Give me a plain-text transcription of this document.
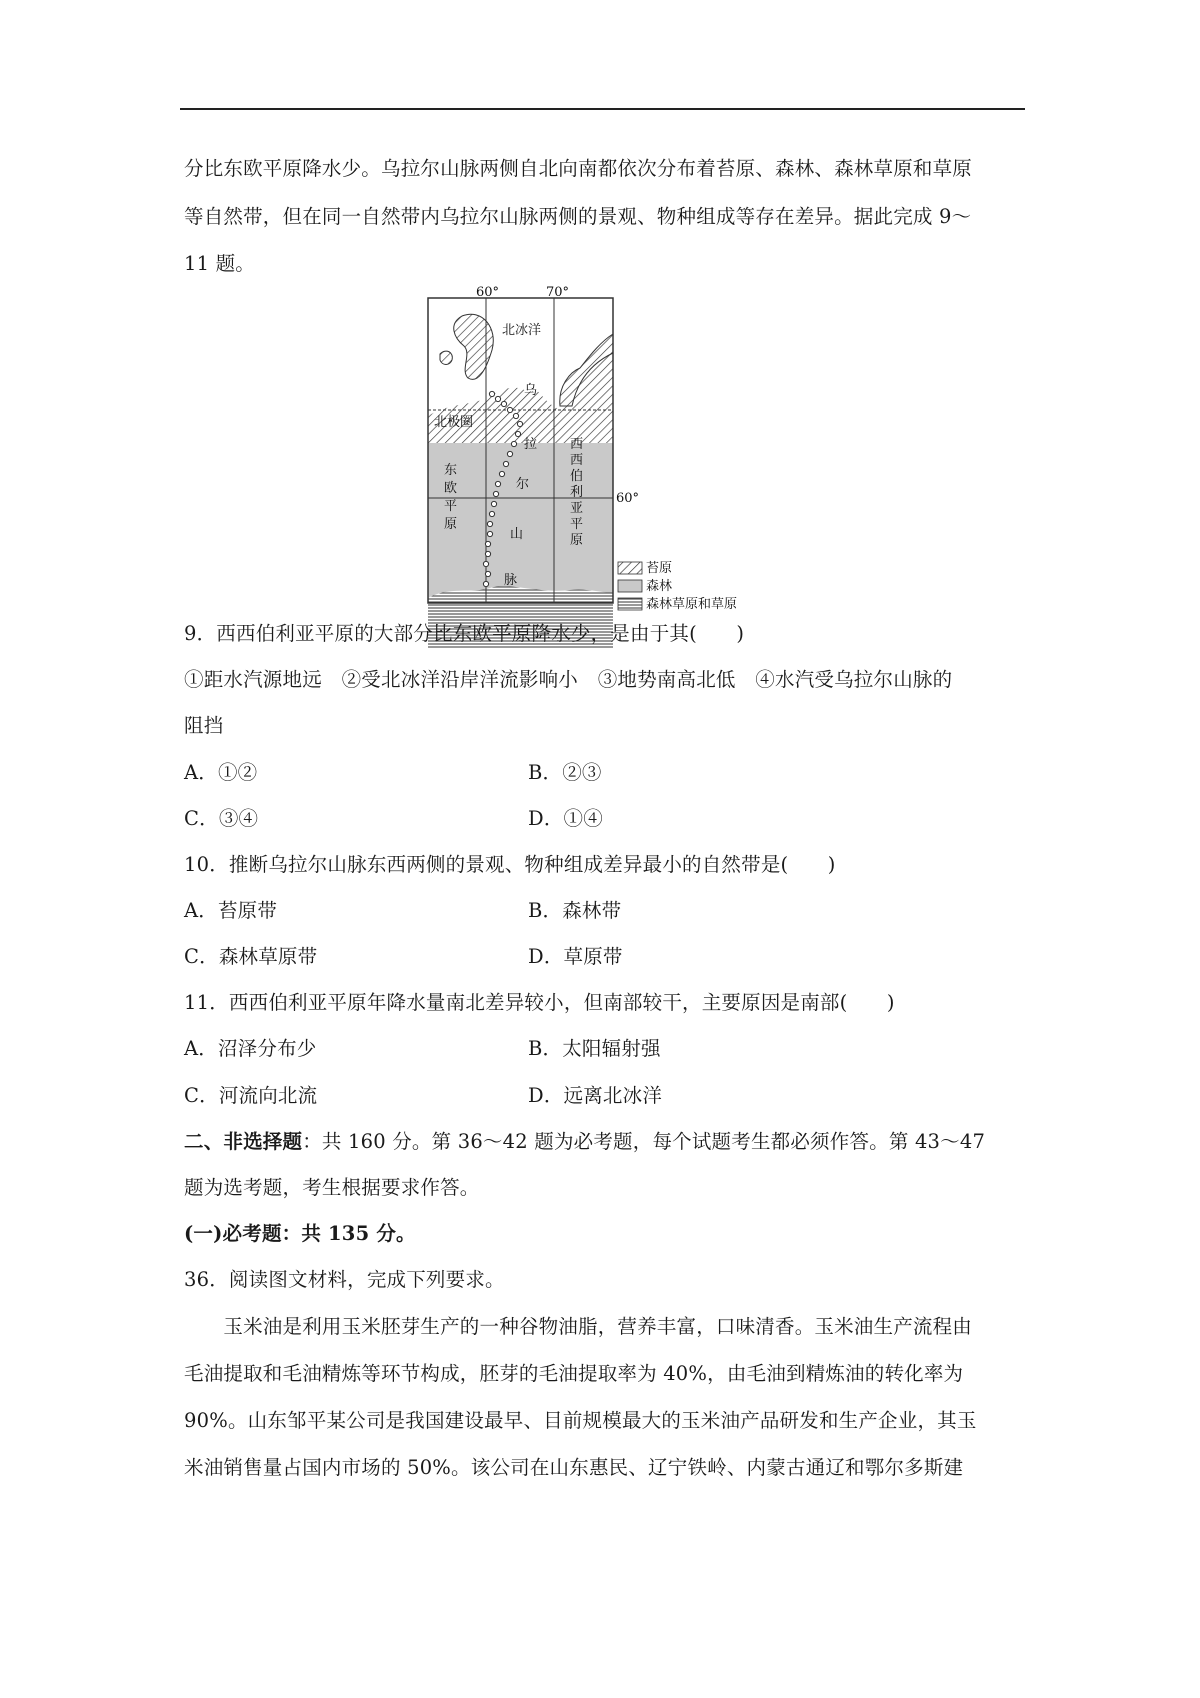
分比东欧平原降水少。乌拉尔山脉两侧自北向南都依次分布着苔原、森林、森林草原和草原
等自然带，但在同一自然带内乌拉尔山脉两侧的景观、物种组成等存在差异。据此完成 9～
11 题。
60°	70°
60°
北冰洋
北极圈
乌
拉
尔
山
脉
东
欧
平
原
西
西
伯
利
亚
平
原
苔原
森林
森林草原和草原
9．西西伯利亚平原的大部分比东欧平原降水少，是由于其(　　)
①距水汽源地远　②受北冰洋沿岸洋流影响小　③地势南高北低　④水汽受乌拉尔山脉的
阻挡
A．①②	B．②③
C．③④	D．①④
10．推断乌拉尔山脉东西两侧的景观、物种组成差异最小的自然带是(　　)
A．苔原带	B．森林带
C．森林草原带	D．草原带
11．西西伯利亚平原年降水量南北差异较小，但南部较干，主要原因是南部(　　)
A．沼泽分布少	B．太阳辐射强
C．河流向北流	D．远离北冰洋
二、非选择题：共 160 分。第 36～42 题为必考题，每个试题考生都必须作答。第 43～47
题为选考题，考生根据要求作答。
(一)必考题：共 135 分。
36．阅读图文材料，完成下列要求。
　　玉米油是利用玉米胚芽生产的一种谷物油脂，营养丰富，口味清香。玉米油生产流程由
毛油提取和毛油精炼等环节构成，胚芽的毛油提取率为 40%，由毛油到精炼油的转化率为
90%。山东邹平某公司是我国建设最早、目前规模最大的玉米油产品研发和生产企业，其玉
米油销售量占国内市场的 50%。该公司在山东惠民、辽宁铁岭、内蒙古通辽和鄂尔多斯建
